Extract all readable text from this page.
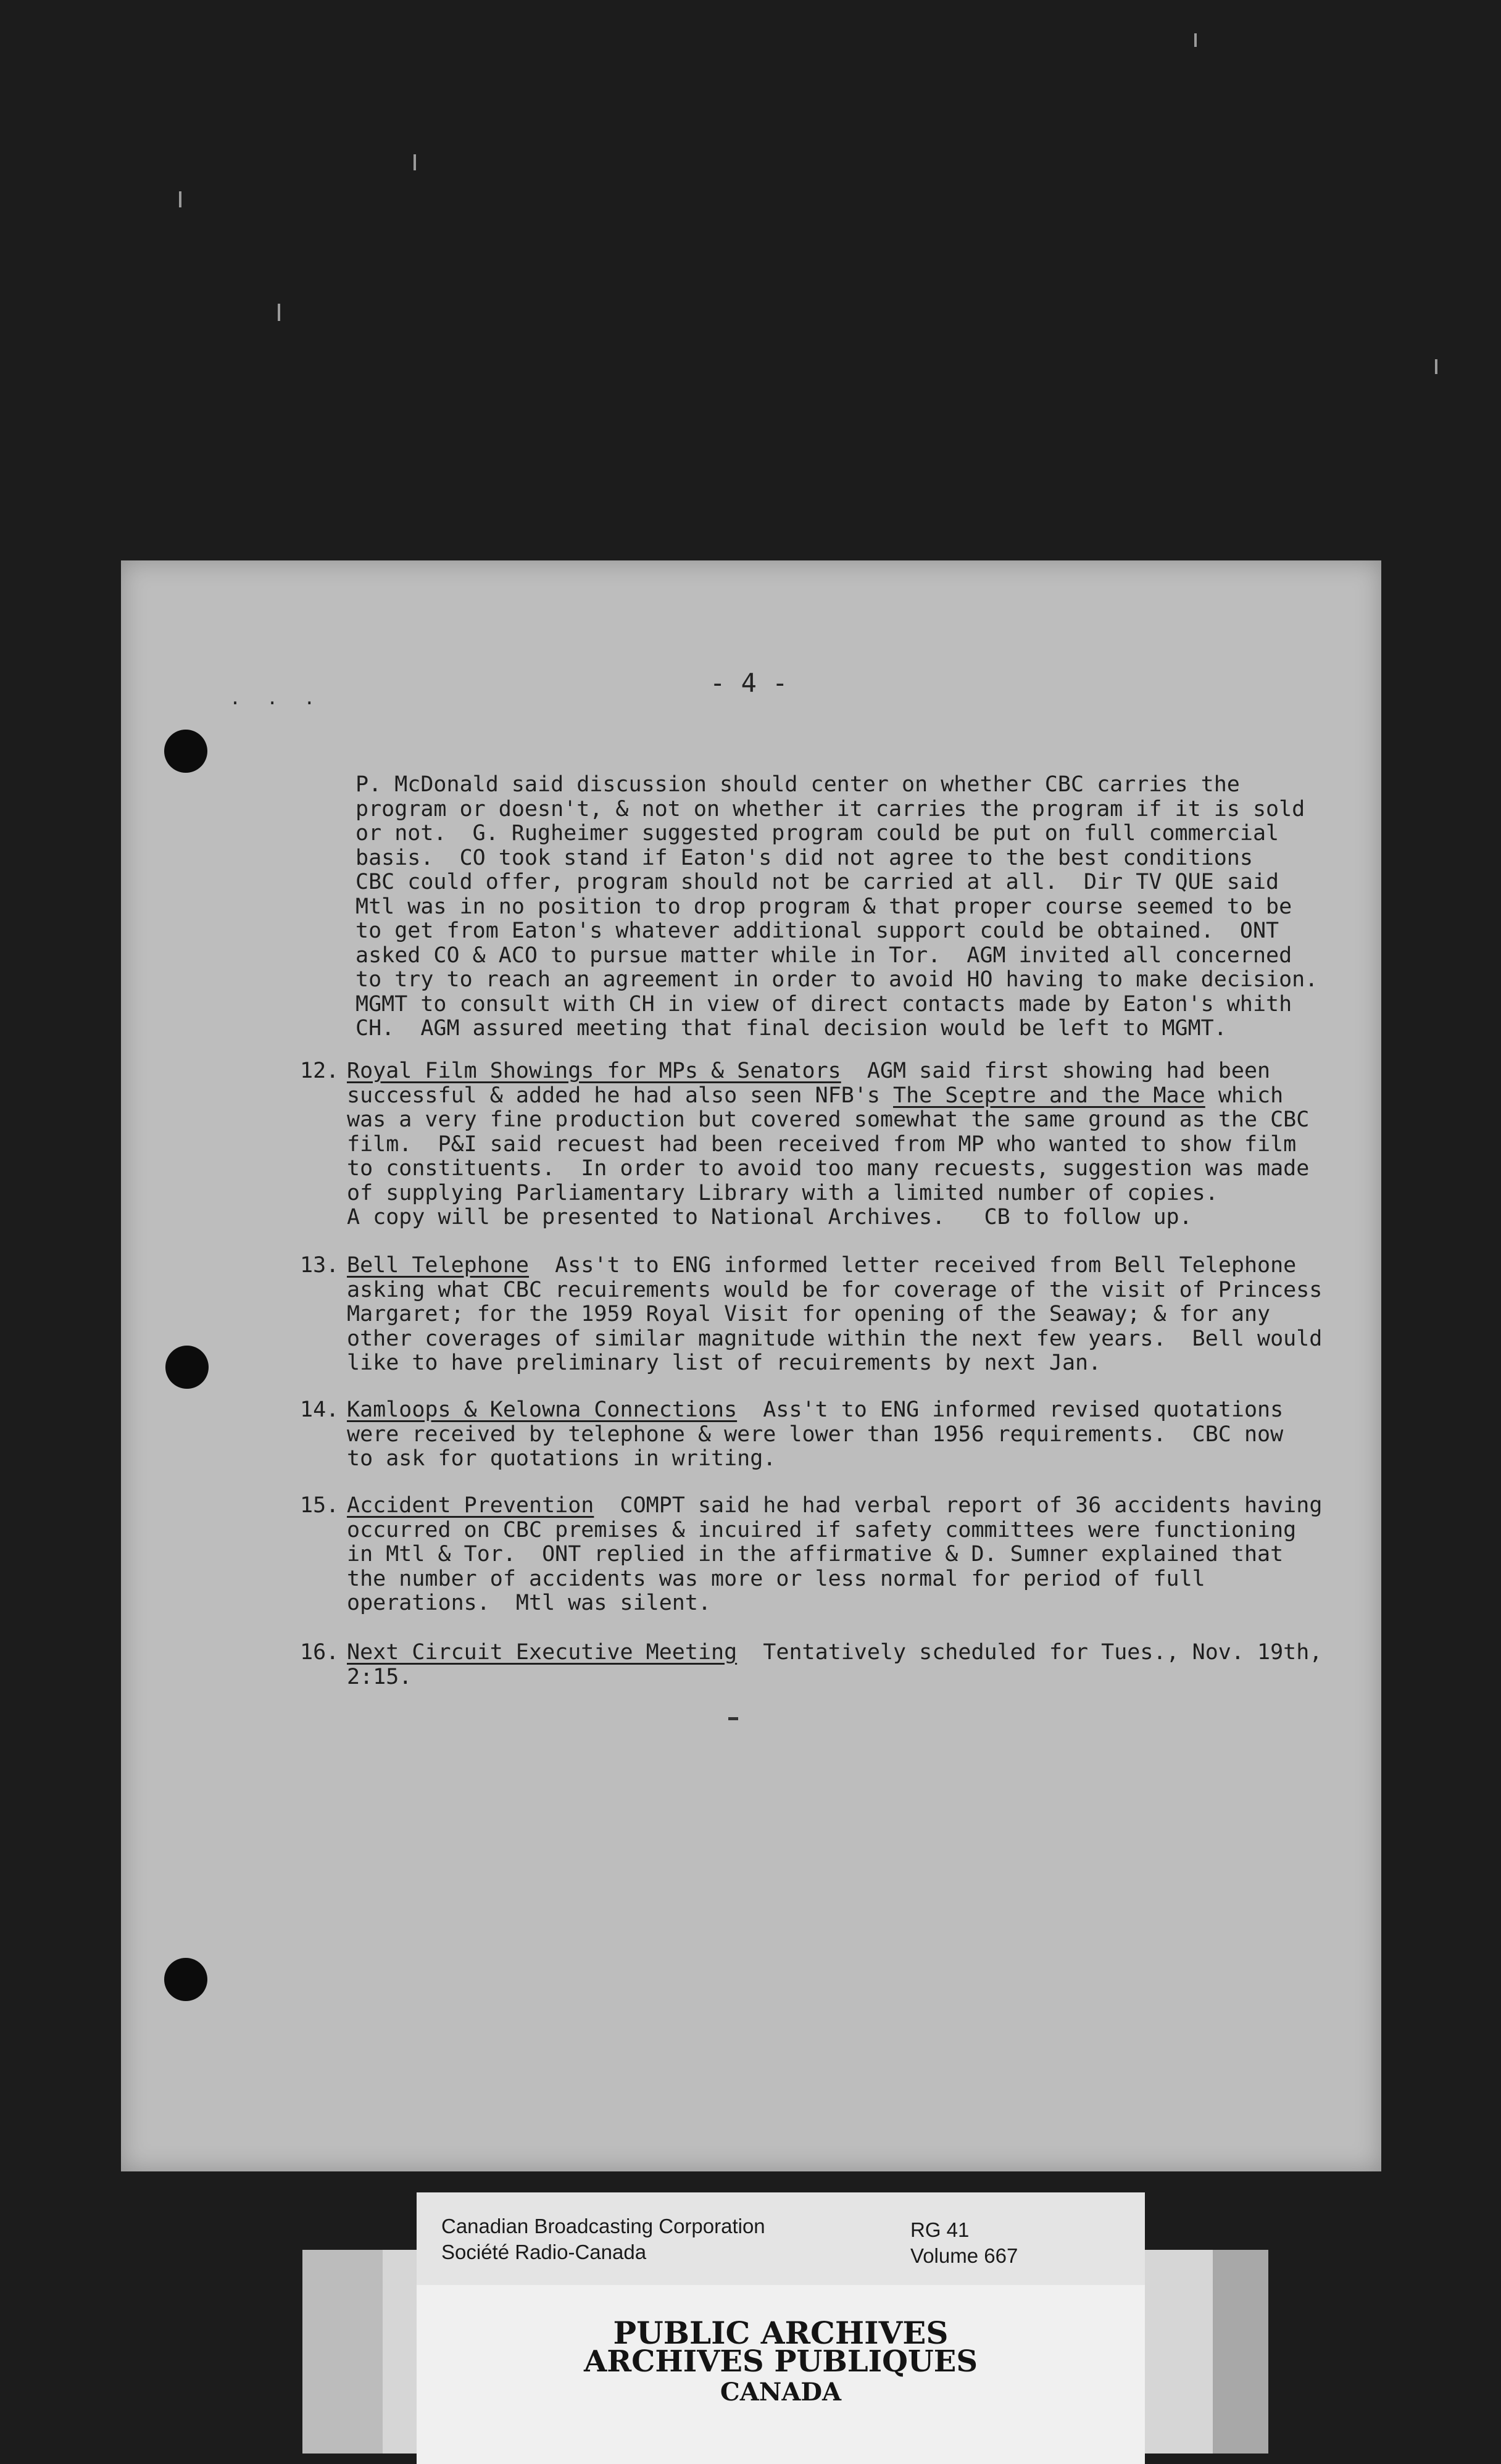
. . .
- 4 -
P. McDonald said discussion should center on whether CBC carries the
program or doesn't, & not on whether it carries the program if it is sold
or not.  G. Rugheimer suggested program could be put on full commercial
basis.  CO took stand if Eaton's did not agree to the best conditions
CBC could offer, program should not be carried at all.  Dir TV QUE said
Mtl was in no position to drop program & that proper course seemed to be
to get from Eaton's whatever additional support could be obtained.  ONT
asked CO & ACO to pursue matter while in Tor.  AGM invited all concerned
to try to reach an agreement in order to avoid HO having to make decision.
MGMT to consult with CH in view of direct contacts made by Eaton's whith
CH.  AGM assured meeting that final decision would be left to MGMT.
12. Royal Film Showings for MPs & Senators  AGM said first showing had been
successful & added he had also seen NFB's The Sceptre and the Mace which
was a very fine production but covered somewhat the same ground as the CBC
film.  P&I said recuest had been received from MP who wanted to show film
to constituents.  In order to avoid too many recuests, suggestion was made
of supplying Parliamentary Library with a limited number of copies.
A copy will be presented to National Archives.   CB to follow up.
13. Bell Telephone  Ass't to ENG informed letter received from Bell Telephone
asking what CBC recuirements would be for coverage of the visit of Princess
Margaret; for the 1959 Royal Visit for opening of the Seaway; & for any
other coverages of similar magnitude within the next few years.  Bell would
like to have preliminary list of recuirements by next Jan.
14. Kamloops & Kelowna Connections  Ass't to ENG informed revised quotations
were received by telephone & were lower than 1956 requirements.  CBC now
to ask for quotations in writing.
15. Accident Prevention  COMPT said he had verbal report of 36 accidents having
occurred on CBC premises & incuired if safety committees were functioning
in Mtl & Tor.  ONT replied in the affirmative & D. Sumner explained that
the number of accidents was more or less normal for period of full
operations.  Mtl was silent.
16. Next Circuit Executive Meeting  Tentatively scheduled for Tues., Nov. 19th,
2:15.
Canadian Broadcasting Corporation
Société Radio-Canada
RG 41
Volume 667
PUBLIC ARCHIVES
ARCHIVES PUBLIQUES
CANADA
